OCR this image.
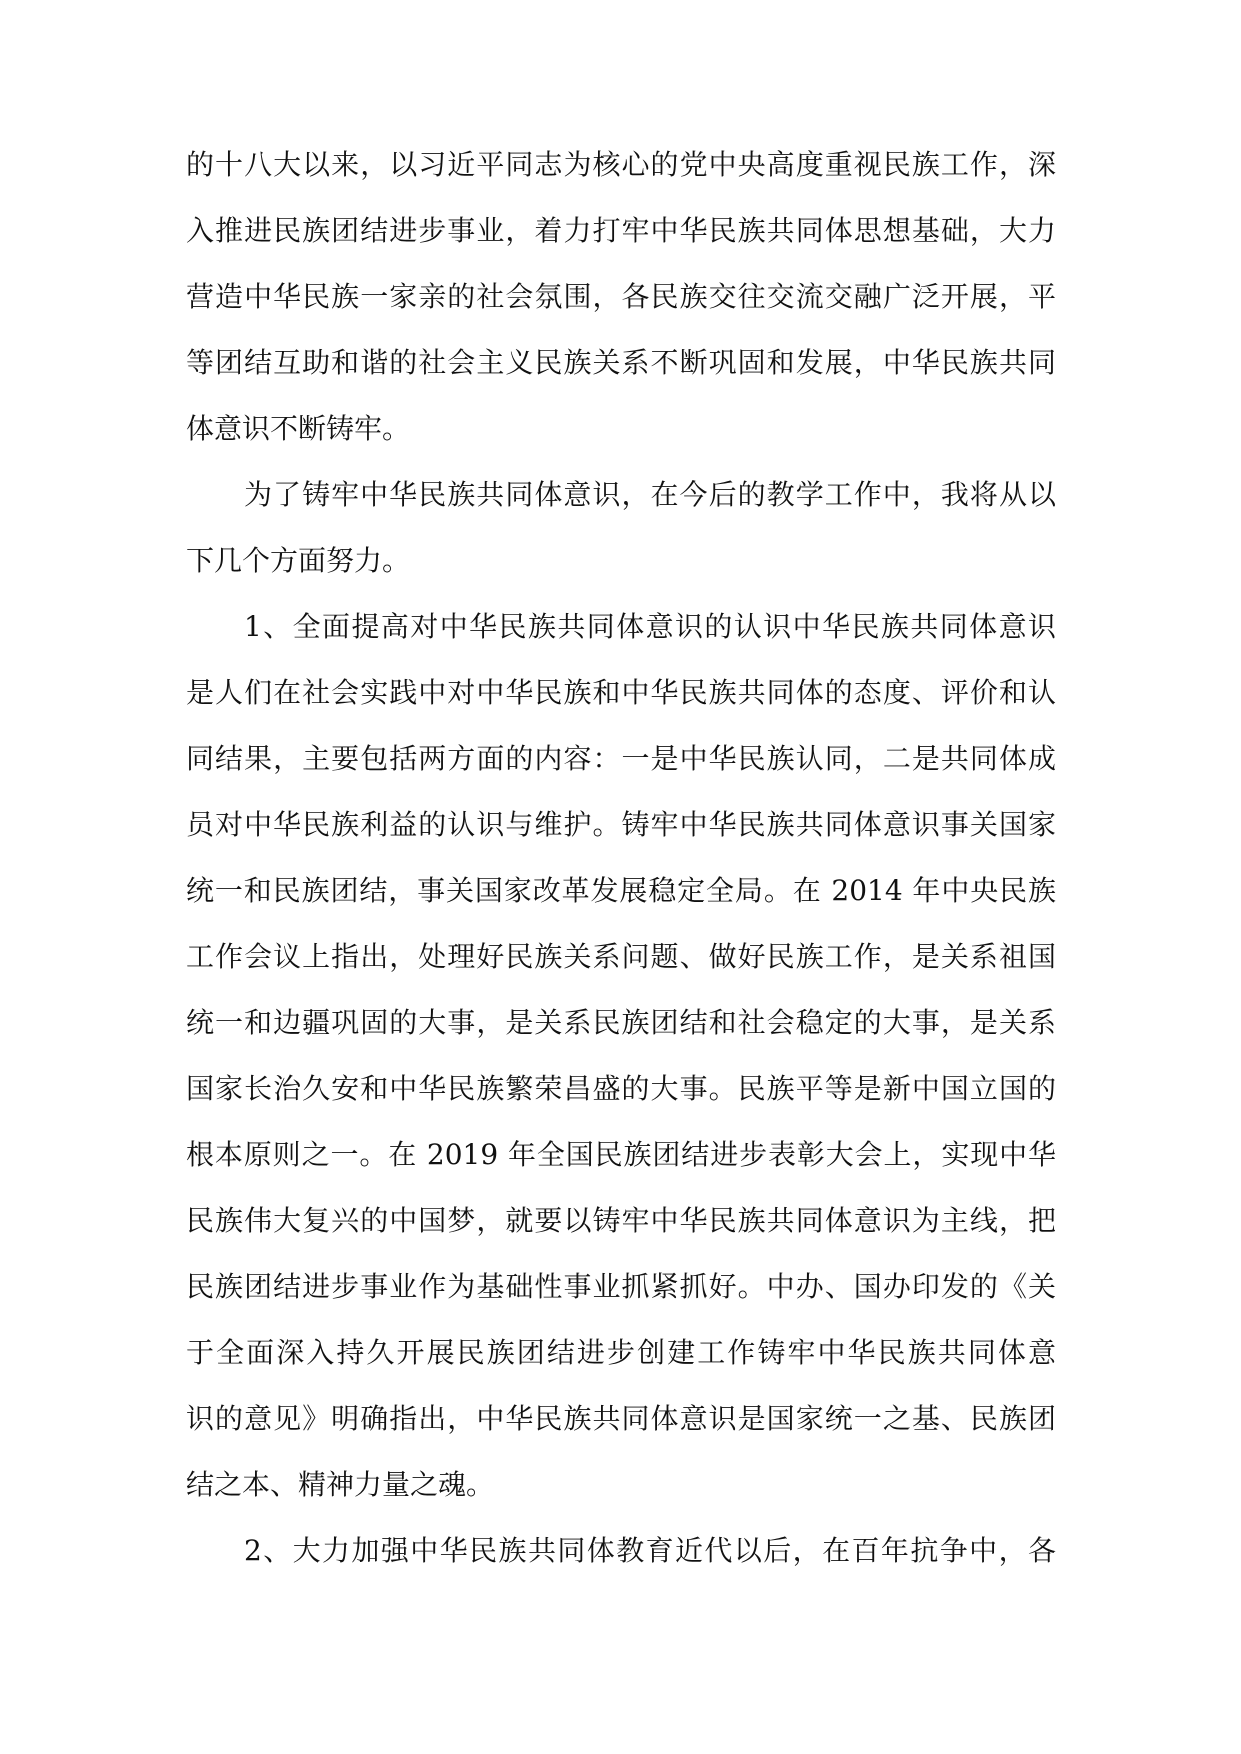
的十八大以来，以习近平同志为核心的党中央高度重视民族工作，深
入推进民族团结进步事业，着力打牢中华民族共同体思想基础，大力
营造中华民族一家亲的社会氛围，各民族交往交流交融广泛开展，平
等团结互助和谐的社会主义民族关系不断巩固和发展，中华民族共同
体意识不断铸牢。
为了铸牢中华民族共同体意识，在今后的教学工作中，我将从以
下几个方面努力。
1、全面提高对中华民族共同体意识的认识中华民族共同体意识
是人们在社会实践中对中华民族和中华民族共同体的态度、评价和认
同结果，主要包括两方面的内容：一是中华民族认同，二是共同体成
员对中华民族利益的认识与维护。铸牢中华民族共同体意识事关国家
统一和民族团结，事关国家改革发展稳定全局。在 2014 年中央民族
工作会议上指出，处理好民族关系问题、做好民族工作，是关系祖国
统一和边疆巩固的大事，是关系民族团结和社会稳定的大事，是关系
国家长治久安和中华民族繁荣昌盛的大事。民族平等是新中国立国的
根本原则之一。在 2019 年全国民族团结进步表彰大会上，实现中华
民族伟大复兴的中国梦，就要以铸牢中华民族共同体意识为主线，把
民族团结进步事业作为基础性事业抓紧抓好。中办、国办印发的《关
于全面深入持久开展民族团结进步创建工作铸牢中华民族共同体意
识的意见》明确指出，中华民族共同体意识是国家统一之基、民族团
结之本、精神力量之魂。
2、大力加强中华民族共同体教育近代以后，在百年抗争中，各
